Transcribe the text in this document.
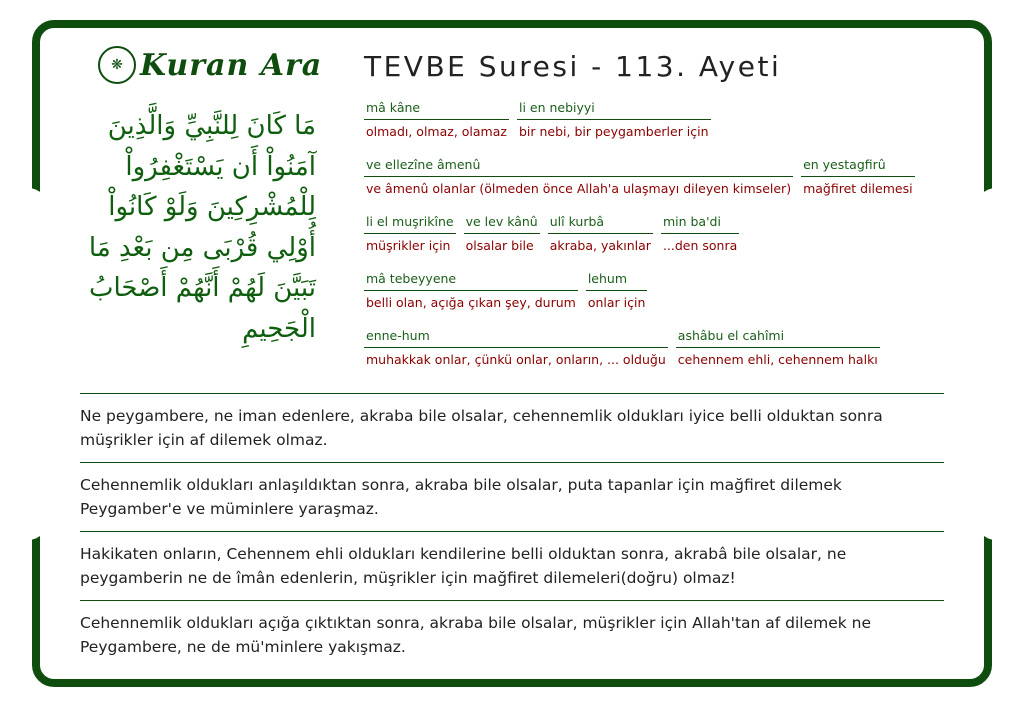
❋ Kuran Ara
مَا كَانَ لِلنَّبِيِّ وَالَّذِينَ آمَنُواْ أَن يَسْتَغْفِرُواْ لِلْمُشْرِكِينَ وَلَوْ كَانُواْ أُوْلِي قُرْبَى مِن بَعْدِ مَا تَبَيَّنَ لَهُمْ أَنَّهُمْ أَصْحَابُ الْجَحِيمِ
TEVBE Suresi - 113. Ayeti
mâ kâne
olmadı, olmaz, olamaz
li en nebiyyi
bir nebi, bir peygamberler için
ve ellezîne âmenû
ve âmenû olanlar (ölmeden önce Allah'a ulaşmayı dileyen kimseler)
en yestagfirû
mağfiret dilemesi
li el muşrikîne
müşrikler için
ve lev kânû
olsalar bile
ulî kurbâ
akraba, yakınlar
min ba'di
...den sonra
mâ tebeyyene
belli olan, açığa çıkan şey, durum
lehum
onlar için
enne-hum
muhakkak onlar, çünkü onlar, onların, ... olduğu
ashâbu el cahîmi
cehennem ehli, cehennem halkı
Ne peygambere, ne iman edenlere, akraba bile olsalar, cehennemlik oldukları iyice belli olduktan sonra müşrikler için af dilemek olmaz.
Cehennemlik oldukları anlaşıldıktan sonra, akraba bile olsalar, puta tapanlar için mağfiret dilemek Peygamber'e ve müminlere yaraşmaz.
Hakikaten onların, Cehennem ehli oldukları kendilerine belli olduktan sonra, akrabâ bile olsalar, ne peygamberin ne de îmân edenlerin, müşrikler için mağfiret dilemeleri(doğru) olmaz!
Cehennemlik oldukları açığa çıktıktan sonra, akraba bile olsalar, müşrikler için Allah'tan af dilemek ne Peygambere, ne de mü'minlere yakışmaz.
